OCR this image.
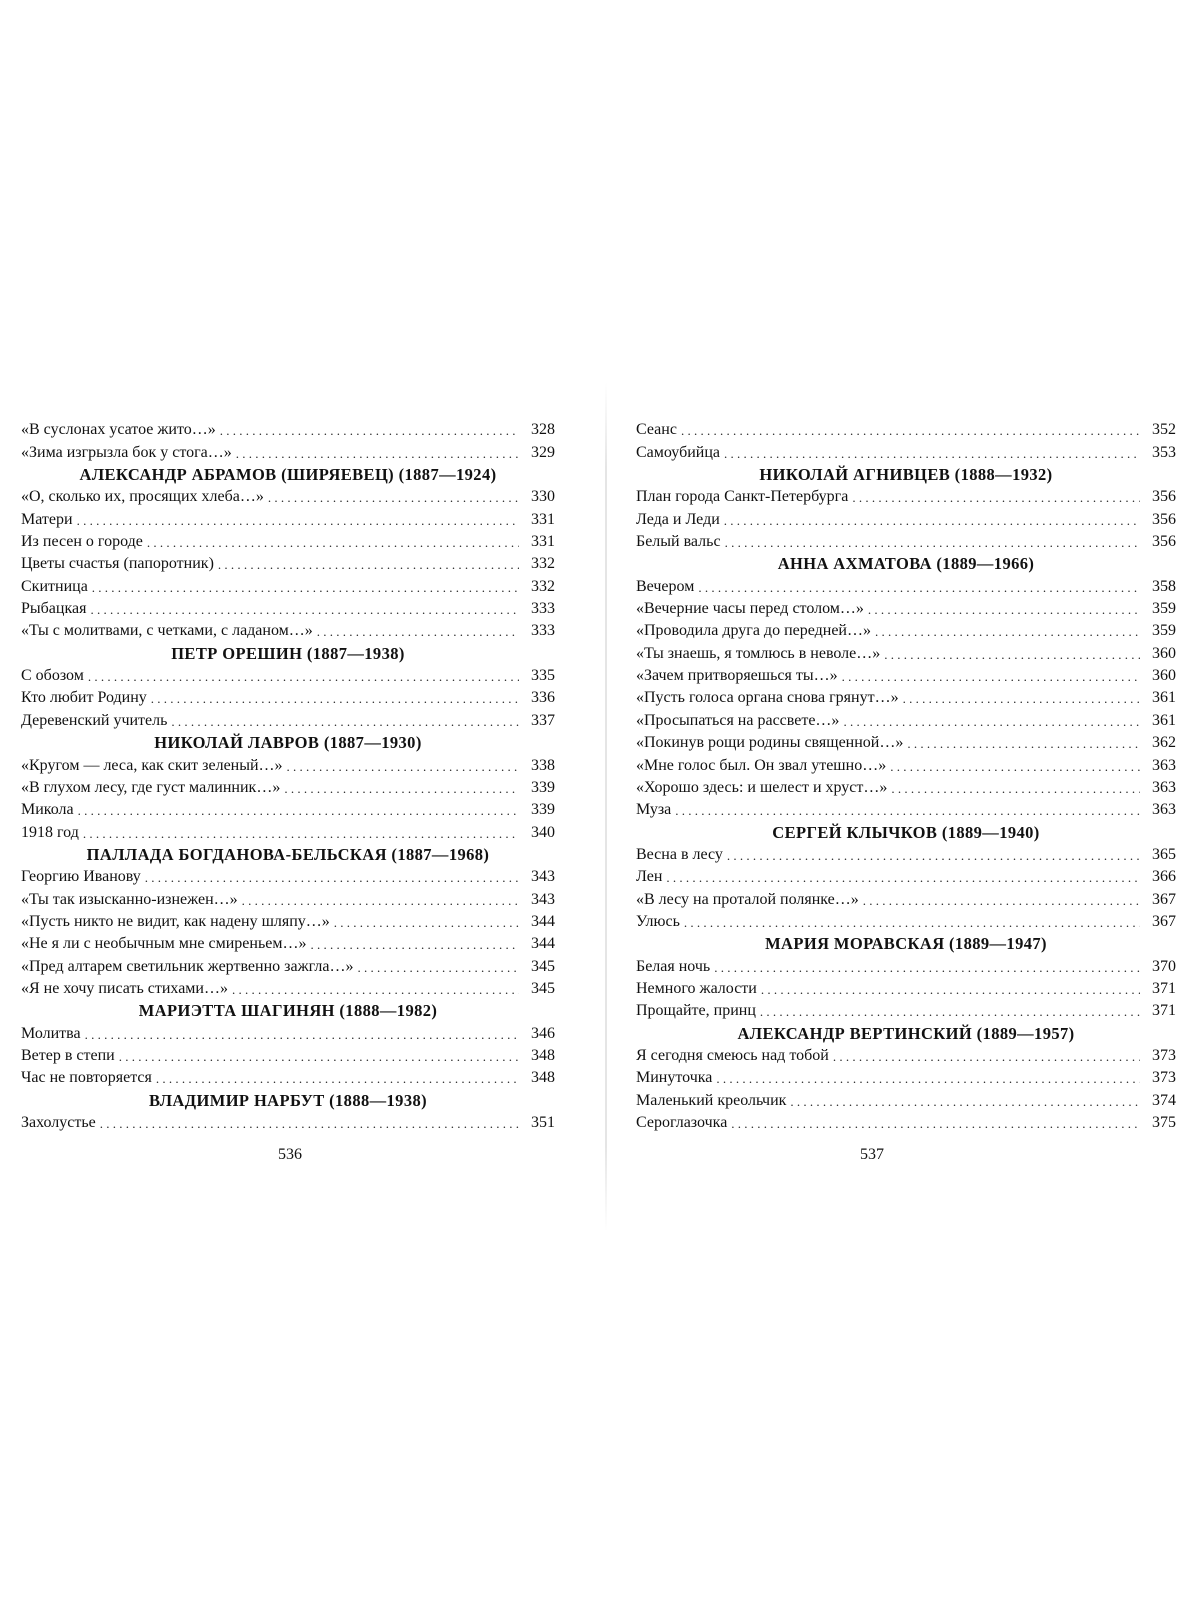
«В суслонах усатое жито…» . . .	328
«Зима изгрызла бок у стога…» . . .	329
АЛЕКСАНДР АБРАМОВ (ШИРЯЕВЕЦ) (1887—1924)
«О, сколько их, просящих хлеба…» . . .	330
Матери . . .	331
Из песен о городе . . .	331
Цветы счастья (папоротник) . . .	332
Скитница . . .	332
Рыбацкая . . .	333
«Ты с молитвами, с четками, с ладаном…» . . .	333
ПЕТР ОРЕШИН (1887—1938)
С обозом . . .	335
Кто любит Родину . . .	336
Деревенский учитель . . .	337
НИКОЛАЙ ЛАВРОВ (1887—1930)
«Кругом — леса, как скит зеленый…» . . .	338
«В глухом лесу, где густ малинник…» . . .	339
Микола . . .	339
1918 год . . .	340
ПАЛЛАДА БОГДАНОВА-БЕЛЬСКАЯ (1887—1968)
Георгию Иванову . . .	343
«Ты так изысканно-изнежен…» . . .	343
«Пусть никто не видит, как надену шляпу…» . . .	344
«Не я ли с необычным мне смиреньем…» . . .	344
«Пред алтарем светильник жертвенно зажгла…» . . .	345
«Я не хочу писать стихами…» . . .	345
МАРИЭТТА ШАГИНЯН (1888—1982)
Молитва . . .	346
Ветер в степи . . .	348
Час не повторяется . . .	348
ВЛАДИМИР НАРБУТ (1888—1938)
Захолустье . . .	351
536
Сеанс . . .	352
Самоубийца . . .	353
НИКОЛАЙ АГНИВЦЕВ (1888—1932)
План города Санкт-Петербурга . . .	356
Леда и Леди . . .	356
Белый вальс . . .	356
АННА АХМАТОВА (1889—1966)
Вечером . . .	358
«Вечерние часы перед столом…» . . .	359
«Проводила друга до передней…» . . .	359
«Ты знаешь, я томлюсь в неволе…» . . .	360
«Зачем притворяешься ты…» . . .	360
«Пусть голоса органа снова грянут…» . . .	361
«Просыпаться на рассвете…» . . .	361
«Покинув рощи родины священной…» . . .	362
«Мне голос был. Он звал утешно…» . . .	363
«Хорошо здесь: и шелест и хруст…» . . .	363
Муза . . .	363
СЕРГЕЙ КЛЫЧКОВ (1889—1940)
Весна в лесу . . .	365
Лен . . .	366
«В лесу на проталой полянке…» . . .	367
Улюсь . . .	367
МАРИЯ МОРАВСКАЯ (1889—1947)
Белая ночь . . .	370
Немного жалости . . .	371
Прощайте, принц . . .	371
АЛЕКСАНДР ВЕРТИНСКИЙ (1889—1957)
Я сегодня смеюсь над тобой . . .	373
Минуточка . . .	373
Маленький креольчик . . .	374
Сероглазочка . . .	375
537
